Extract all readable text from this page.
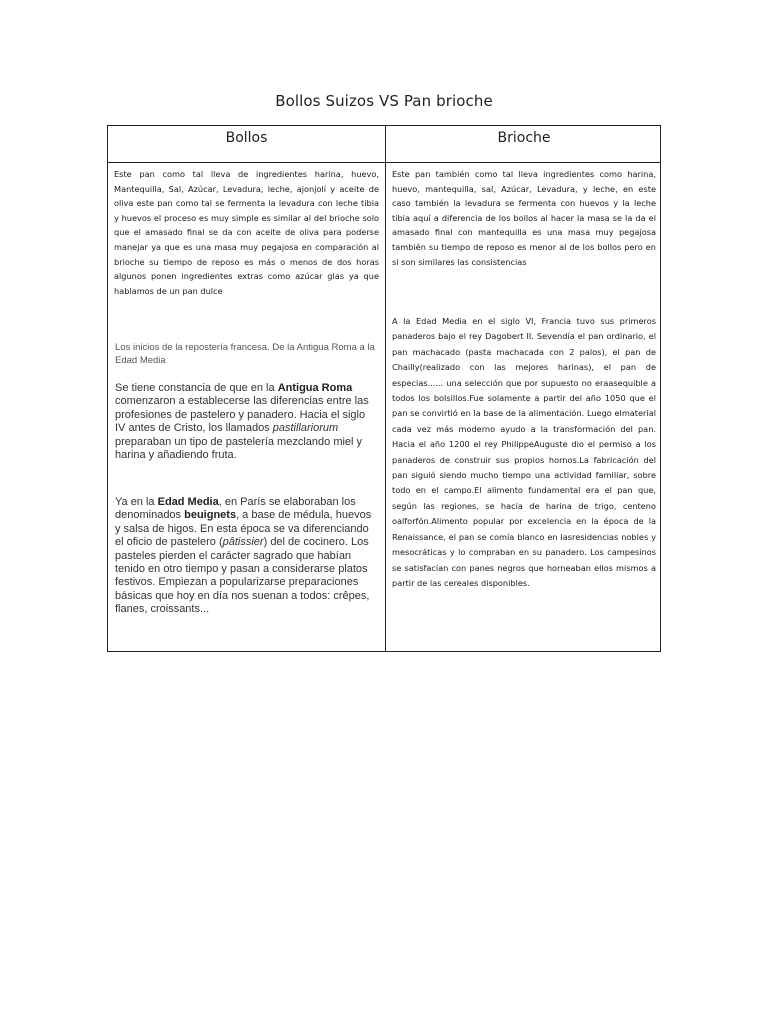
Bollos Suizos VS Pan brioche
Bollos	Brioche
Este pan como tal lleva de ingredientes harina, huevo, Mantequilla, Sal, Azúcar, Levadura, leche, ajonjolí y aceite de oliva este pan como tal se fermenta la levadura con leche tibia y huevos el proceso es muy simple es similar al del brioche solo que el amasado final se da con aceite de oliva para poderse manejar ya que es una masa muy pegajosa en comparación al brioche su tiempo de reposo es más o menos de dos horas algunos ponen ingredientes extras como azúcar glas ya que hablamos de un pan dulce
Este pan también como tal lleva ingredientes como harina, huevo, mantequilla, sal, Azúcar, Levadura, y leche, en este caso también la levadura se fermenta con huevos y la leche tibia aquí a diferencia de los bollos al hacer la masa se la da el amasado final con mantequilla es una masa muy pegajosa también su tiempo de reposo es menor al de los bollos pero en si son similares las consistencias
Los inicios de la repostería francesa. De la Antigua Roma a la Edad Media
Se tiene constancia de que en la Antigua Roma comenzaron a establecerse las diferencias entre las profesiones de pastelero y panadero. Hacia el siglo IV antes de Cristo, los llamados pastillariorum preparaban un tipo de pastelería mezclando miel y harina y añadiendo fruta.
Ya en la Edad Media, en París se elaboraban los denominados beuignets, a base de médula, huevos y salsa de higos. En esta época se va diferenciando el oficio de pastelero (pâtissier) del de cocinero. Los pasteles pierden el carácter sagrado que habían tenido en otro tiempo y pasan a considerarse platos festivos. Empiezan a popularizarse preparaciones básicas que hoy en día nos suenan a todos: crêpes, flanes, croissants...
A la Edad Media en el siglo VI, Francia tuvo sus primeros panaderos bajo el rey Dagobert II. Sevendía el pan ordinario, el pan machacado (pasta machacada con 2 palos), el pan de Chailly(realizado con las mejores harinas), el pan de especias...... una selección que por supuesto no eraasequible a todos los bolsillos.Fue solamente a partir del año 1050 que el pan se convirtió en la base de la alimentación. Luego elmaterial cada vez más moderno ayudo a la transformación del pan. Hacia el año 1200 el rey PhilippeAuguste dio el permiso a los panaderos de construir sus propios hornos.La fabricación del pan siguió siendo mucho tiempo una actividad familiar, sobre todo en el campo.El alimento fundamental era el pan que, según las regiones, se hacia de harina de trigo, centeno oalforfón.Alimento popular por excelencia en la época de la Renaissance, el pan se comía blanco en lasresidencias nobles y mesocráticas y lo compraban en su panadero. Los campesinos se satisfacían con panes negros que horneaban ellos mismos a partir de las cereales disponibles.
